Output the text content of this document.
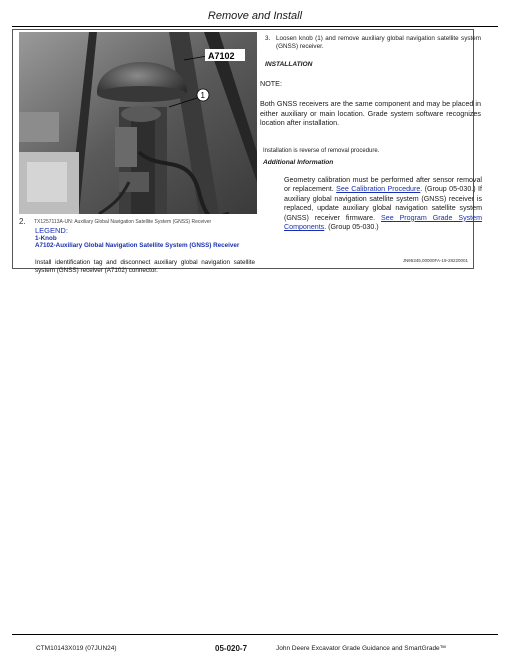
Remove and Install
A7102
1
2. TX1257113A-UN: Auxiliary Global Navigation Satellite System (GNSS) Receiver
LEGEND:
1-Knob
A7102-Auxiliary Global Navigation Satellite System (GNSS) Receiver
Install identification tag and disconnect auxiliary global navigation satellite system (GNSS) receiver (A7102) connector.
3. Loosen knob (1) and remove auxiliary global navigation satellite system (GNSS) receiver.
INSTALLATION
NOTE:
Both GNSS receivers are the same component and may be placed in either auxiliary or main location. Grade system software recognizes location after installation.
Installation is reverse of removal procedure.
Additional Information
Geometry calibration must be performed after sensor removal or replacement. See Calibration Procedure. (Group 05-030.) If auxiliary global navigation satellite system (GNSS) receiver is replaced, update auxiliary global navigation satellite system (GNSS) receiver firmware. See Program Grade System Components. (Group 05-030.)
JN95345,00000FA-19-28220001
CTM10143X019 (07JUN24)	05-020-7	John Deere Excavator Grade Guidance and SmartGrade™
